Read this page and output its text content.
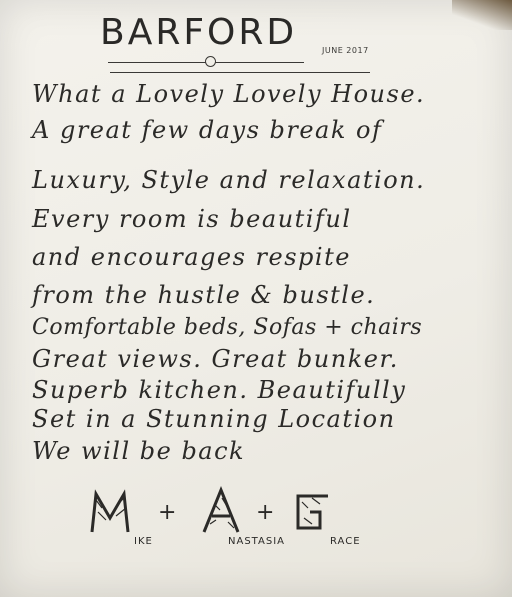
BARFORD	JUNE 2017
What a Lovely Lovely House.
A great few days break of
Luxury, Style and relaxation.
Every room is beautiful
and encourages respite
from the hustle & bustle.
Comfortable beds, Sofas + chairs
Great views. Great bunker.
Superb kitchen. Beautifully
Set in a Stunning Location
We will be back
IKE
+
NASTASIA
+
RACE
